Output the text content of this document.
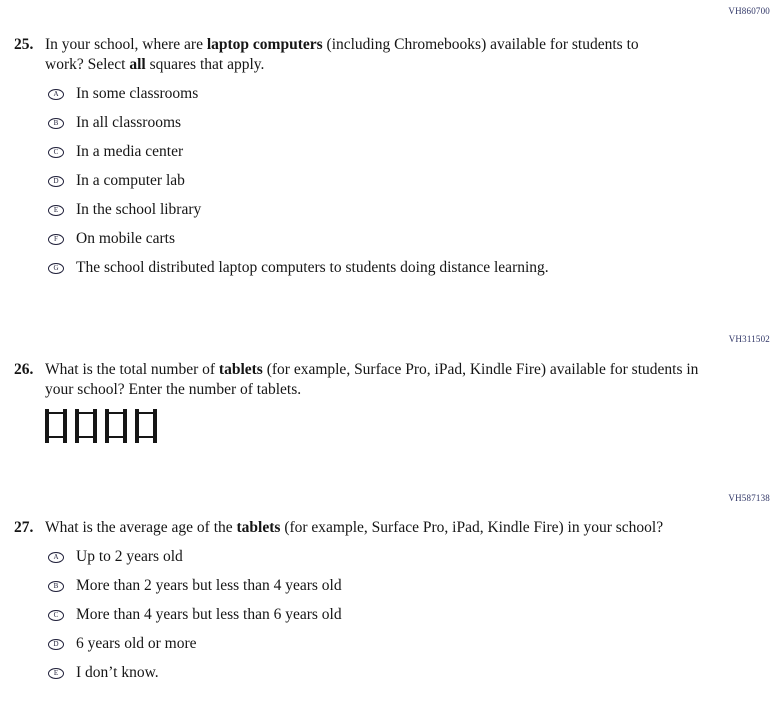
VH860700
25. In your school, where are laptop computers (including Chromebooks) available for students to work? Select all squares that apply.

A In some classrooms
B In all classrooms
C In a media center
D In a computer lab
E In the school library
F On mobile carts
G The school distributed laptop computers to students doing distance learning.
VH311502
26. What is the total number of tablets (for example, Surface Pro, iPad, Kindle Fire) available for students in your school? Enter the number of tablets.

VH587138
27. What is the average age of the tablets (for example, Surface Pro, iPad, Kindle Fire) in your school?

A Up to 2 years old
B More than 2 years but less than 4 years old
C More than 4 years but less than 6 years old
D 6 years old or more
E I don’t know.
